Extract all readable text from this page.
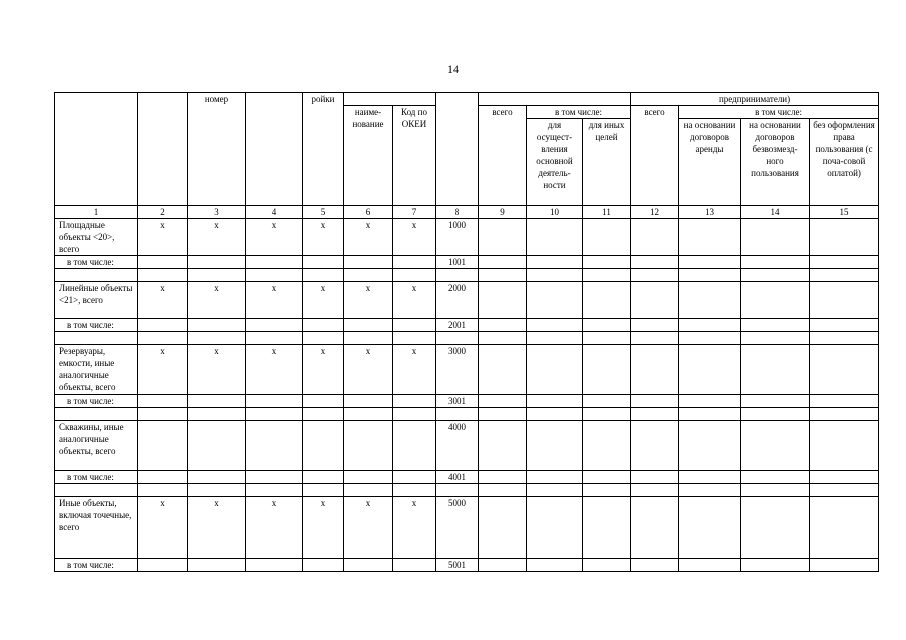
14
		номер		ройки							предприниматели)			
					наиме-нование	Код по ОКЕИ		всего	в том числе:		всего	в том числе:		
									для осущест-вления основной деятель-ности	для иных целей		на основании договоров аренды	на основании договоров безвозмезд-ного пользования	без оформления права пользования (с поча-совой оплатой)
1	2	3	4	5	6	7	8	9	10	11	12	13	14	15
Площадные объекты <20>, всего	х	х	х	х	х	х	1000							
в том числе:							1001							

Линейные объекты <21>, всего	х	х	х	х	х	х	2000							
в том числе:							2001							

Резервуары, емкости, иные аналогичные объекты, всего	х	х	х	х	х	х	3000							
в том числе:							3001							

Скважины, иные аналогичные объекты, всего							4000							
в том числе:							4001							

Иные объекты, включая точечные, всего	х	х	х	х	х	х	5000							
в том числе:							5001							
